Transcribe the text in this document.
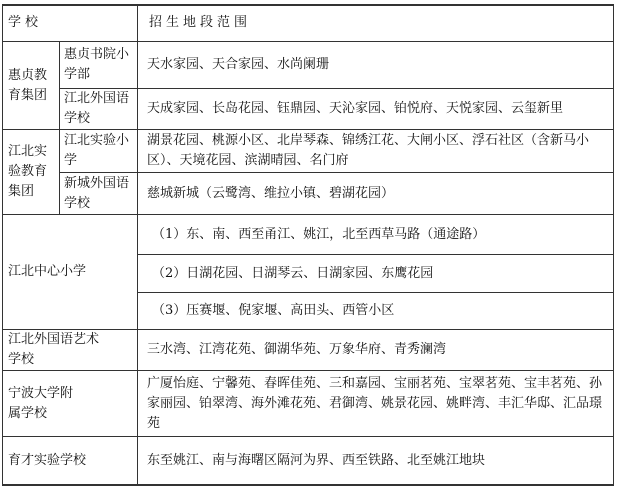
学校	招生地段范围
惠贞教育集团
江北实验教育集团
惠贞书院小学部
江北外国语学校
江北实验小学
新城外国语学校
江北中心小学
江北外国语艺术学校
宁波大学附属学校
育才实验学校
天水家园、天合家园、水尚阑珊
天成家园、长岛花园、钰鼎园、天沁家园、铂悦府、天悦家园、云玺新里
湖景花园、桃源小区、北岸琴森、锦绣江花、大闸小区、浮石社区（含新马小区）、天境花园、滨湖晴园、名门府
慈城新城（云鹭湾、维拉小镇、碧湖花园）
（1）东、南、西至甬江、姚江，北至西草马路（通途路）
（2）日湖花园、日湖琴云、日湖家园、东鹰花园
（3）压赛堰、倪家堰、高田头、西管小区
三水湾、江湾花苑、御湖华苑、万象华府、青秀澜湾
广厦怡庭、宁馨苑、春晖佳苑、三和嘉园、宝丽茗苑、宝翠茗苑、宝丰茗苑、孙家丽园、铂翠湾、海外滩花苑、君御湾、姚景花园、姚畔湾、丰汇华邸、汇品璟苑
东至姚江、南与海曙区隔河为界、西至铁路、北至姚江地块
